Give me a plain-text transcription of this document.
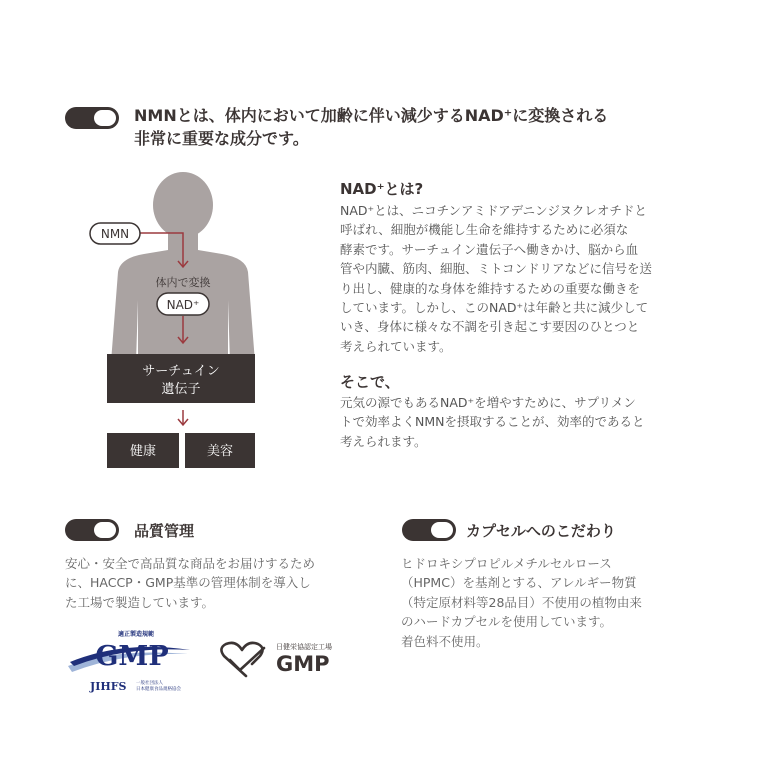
NMNとは、体内において加齢に伴い減少するNAD⁺に変換される
非常に重要な成分です。
NMN
体内で変換
NAD⁺
サーチュイン
遺伝子
健康	美容
NAD⁺とは?
NAD⁺とは、ニコチンアミドアデニンジヌクレオチドと
呼ばれ、細胞が機能し生命を維持するために必須な
酵素です。サーチュイン遺伝子へ働きかけ、脳から血
管や内臓、筋肉、細胞、ミトコンドリアなどに信号を送
り出し、健康的な身体を維持するための重要な働きを
しています。しかし、このNAD⁺は年齢と共に減少して
いき、身体に様々な不調を引き起こす要因のひとつと
考えられています。
そこで、
元気の源でもあるNAD⁺を増やすために、サプリメン
トで効率よくNMNを摂取することが、効率的であると
考えられます。
品質管理
安心・安全で高品質な商品をお届けするため
に、HACCP・GMP基準の管理体制を導入し
た工場で製造しています。
カプセルへのこだわり
ヒドロキシプロピルメチルセルロース
（HPMC）を基剤とする、アレルギー物質
（特定原材料等28品目）不使用の植物由来
のハードカプセルを使用しています。
着色料不使用。
適正製造規範
GMP
JIHFS 一般社団法人
日本健康食品規格協会
日健栄協認定工場
GMP
